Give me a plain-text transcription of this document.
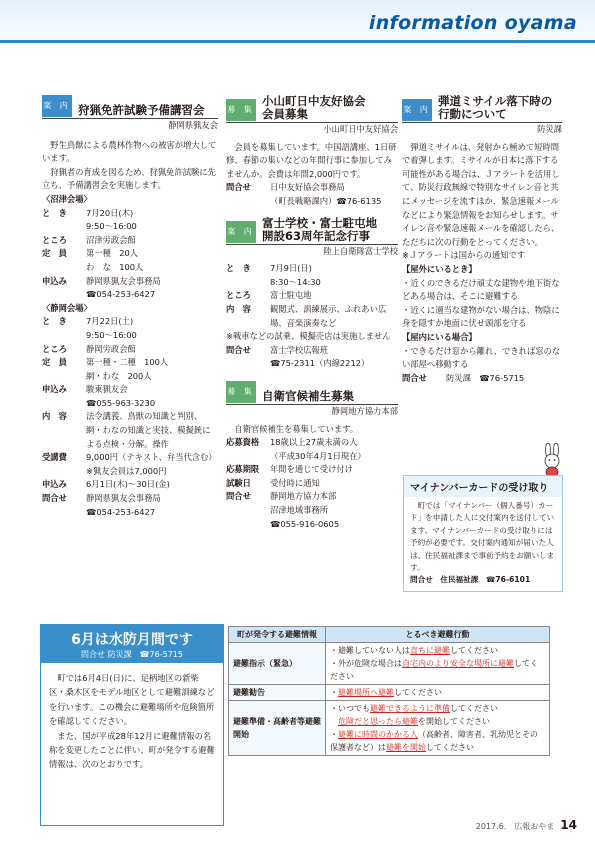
information oyama
案 内 狩猟免許試験予備講習会
静岡県猟友会
野生鳥獣による農林作物への被害が増大しています。
狩猟者の育成を図るため、狩猟免許試験に先立ち、予備講習会を実施します。
〈沼津会場〉
と　き	7月20日(木)
9:50～16:00
ところ	沼津労政会館
定　員	第一種　20人
わ　な　100人
申込み	静岡県猟友会事務局
☎054-253-6427
〈静岡会場〉
と　き	7月22日(土)
9:50～16:00
ところ	静岡労政会館
定　員	第一種・二種　100人
網・わな　200人
申込み	駿東猟友会
☎055-963-3230
内　容	法令講義、鳥獣の知識と判別、網・わなの知識と実技、模擬銃による点検・分解。操作
受講費	9,000円（テキスト、弁当代含む）
※猟友会員は7,000円
申込み	6月1日(木)～30日(金)
問合せ	静岡県猟友会事務局
☎054-253-6427
募 集
小山町日中友好協会
会員募集
小山町日中友好協会
会員を募集しています。中国語講座、1日研修、春節の集いなどの年間行事に参加してみませんか。会費は年間2,000円です。
問合せ	日中友好協会事務局
（町長戦略課内）☎76-6135
案 内
富士学校・富士駐屯地
開設63周年記念行事
陸上自衛隊富士学校
と　き	7月9日(日)
8:30～14:30
ところ	富士駐屯地
内　容	観閲式、訓練展示、ふれあい広場、音楽演奏など
※戦車などの試乗、模擬売店は実施しません
問合せ	富士学校広報班
☎75-2311（内線2212）
募 集 自衛官候補生募集
静岡地方協力本部
自衛官候補生を募集しています。
応募資格	18歳以上27歳未満の人
（平成30年4月1日現在）
応募期限	年間を通じて受け付け
試験日	受付時に通知
問合せ	静岡地方協力本部
沼津地域事務所
☎055-916-0605
案 内
弾道ミサイル落下時の
行動について
防災課
弾道ミサイルは、発射から極めて短時間で着弾します。ミサイルが日本に落下する可能性がある場合は、Ｊアラートを活用して、防災行政無線で特別なサイレン音と共にメッセージを流すほか、緊急速報メールなどにより緊急情報をお知らせします。サイレン音や緊急速報メールを確認したら、ただちに次の行動をとってください。
※Ｊアラートは国からの通知です
【屋外にいるとき】
・近くのできるだけ頑丈な建物や地下街などある場合は、そこに避難する
・近くに適当な建物がない場合は、物陰に身を隠すか地面に伏せ頭部を守る
【屋内にいる場合】
・できるだけ窓から離れ、できれば窓のない部屋へ移動する
問合せ	防災課　☎76-5715
マイナンバーカードの受け取り
町では「マイナンバー（個人番号）カード」を申請した人に交付案内を送付しています。マイナンバーカードの受け取りには予約が必要です。交付案内通知が届いた人は、住民福祉課まで事前予約をお願いします。
問合せ　住民福祉課　☎76-6101
6月は水防月間です
問合せ 防災課　☎76-5715
町では6月4日(日)に、足柄地区の新柴区・桑木区をモデル地区として避難訓練などを行います。この機会に避難場所や危険箇所を確認してください。
また、国が平成28年12月に避難情報の名称を変更したことに伴い、町が発令する避難情報は、次のとおりです。
町が発令する避難情報	とるべき避難行動
避難指示（緊急）	・避難していない人は直ちに避難してください
・外が危険な場合は自宅内のより安全な場所に避難してください

避難勧告	・避難場所へ避難してください
避難準備・高齢者等避難開始	・いつでも避難できるように準備してください
危険だと思ったら避難を開始してください
・避難に時間のかかる人（高齢者、障害者、乳幼児とその保護者など）は避難を開始してください
2017.6.　広報おやま 14
